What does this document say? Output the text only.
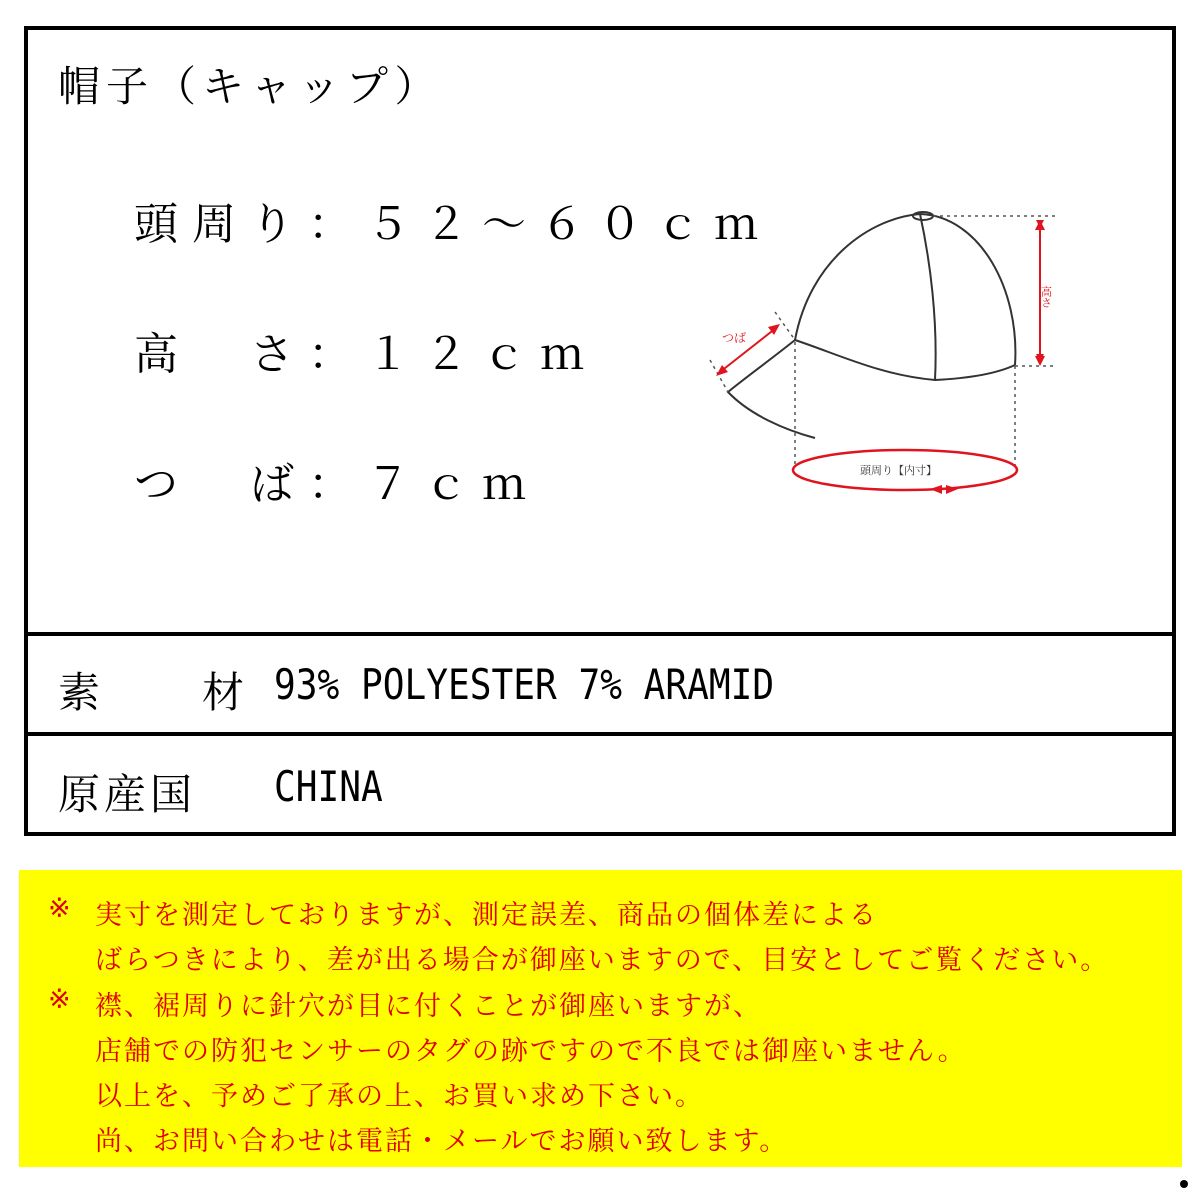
帽子（キャップ）
頭周り：５２～６０ｃｍ
高　さ：１２ｃｍ
つ　ば：７ｃｍ
高さ
つば
頭周り【内寸】
素　材 93% POLYESTER 7% ARAMID
原産国 CHINA
※ 実寸を測定しておりますが、測定誤差、商品の個体差による
ばらつきにより、差が出る場合が御座いますので、目安としてご覧ください。
※ 襟、裾周りに針穴が目に付くことが御座いますが、
店舗での防犯センサーのタグの跡ですので不良では御座いません。
以上を、予めご了承の上、お買い求め下さい。
尚、お問い合わせは電話・メールでお願い致します。
